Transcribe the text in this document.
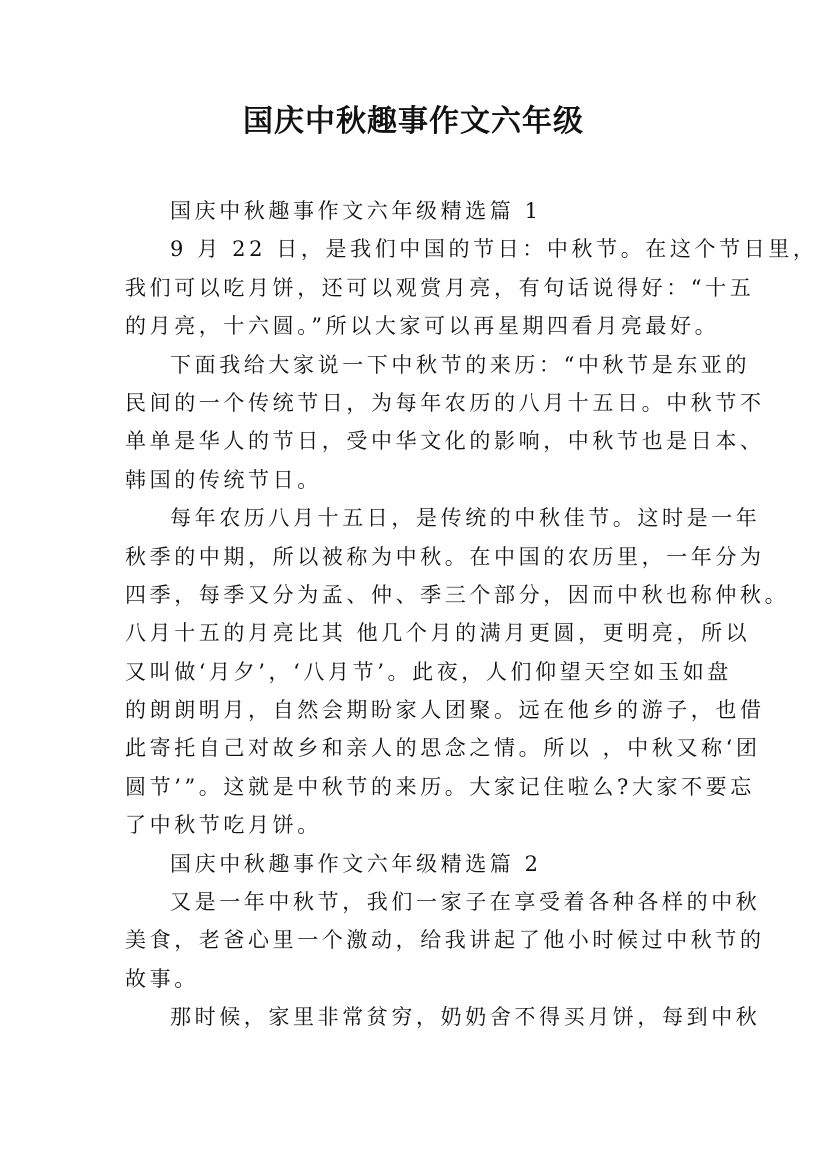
国庆中秋趣事作文六年级
国庆中秋趣事作文六年级精选篇 1
9 月 22 日，是我们中国的节日：中秋节。在这个节日里，
我们可以吃月饼，还可以观赏月亮，有句话说得好：“十五
的月亮，十六圆。”所以大家可以再星期四看月亮最好。
下面我给大家说一下中秋节的来历：“中秋节是东亚的
民间的一个传统节日，为每年农历的八月十五日。中秋节不
单单是华人的节日，受中华文化的影响，中秋节也是日本、
韩国的传统节日。
每年农历八月十五日，是传统的中秋佳节。这时是一年
秋季的中期，所以被称为中秋。在中国的农历里，一年分为
四季，每季又分为孟、仲、季三个部分，因而中秋也称仲秋。
八月十五的月亮比其 他几个月的满月更圆，更明亮，所以
又叫做‘月夕’，‘八月节’。此夜，人们仰望天空如玉如盘
的朗朗明月，自然会期盼家人团聚。远在他乡的游子，也借
此寄托自己对故乡和亲人的思念之情。所以 ，中秋又称‘团
圆节’”。这就是中秋节的来历。大家记住啦么?大家不要忘
了中秋节吃月饼。
国庆中秋趣事作文六年级精选篇 2
又是一年中秋节，我们一家子在享受着各种各样的中秋
美食，老爸心里一个激动，给我讲起了他小时候过中秋节的
故事。
那时候，家里非常贫穷，奶奶舍不得买月饼，每到中秋
